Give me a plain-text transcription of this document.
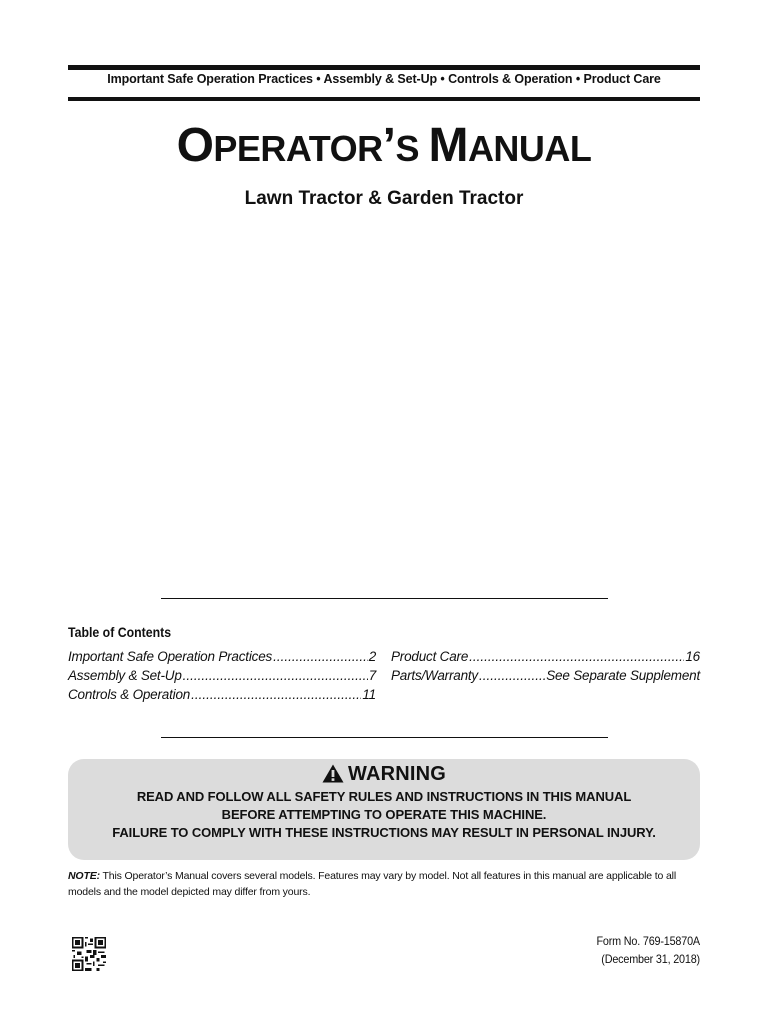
Important Safe Operation Practices • Assembly & Set-Up • Controls & Operation • Product Care
OPERATOR’S MANUAL
Lawn Tractor & Garden Tractor
Table of Contents
Important Safe Operation Practices .....	2
Assembly & Set-Up .....	7
Controls & Operation .....	11
Product Care .....	16
Parts/Warranty .....	See Separate Supplement
WARNING
READ AND FOLLOW ALL SAFETY RULES AND INSTRUCTIONS IN THIS MANUAL
BEFORE ATTEMPTING TO OPERATE THIS MACHINE.
FAILURE TO COMPLY WITH THESE INSTRUCTIONS MAY RESULT IN PERSONAL INJURY.
NOTE: This Operator’s Manual covers several models. Features may vary by model. Not all features in this manual are applicable to all models and the model depicted may differ from yours.
Form No. 769-15870A
(December 31, 2018)
